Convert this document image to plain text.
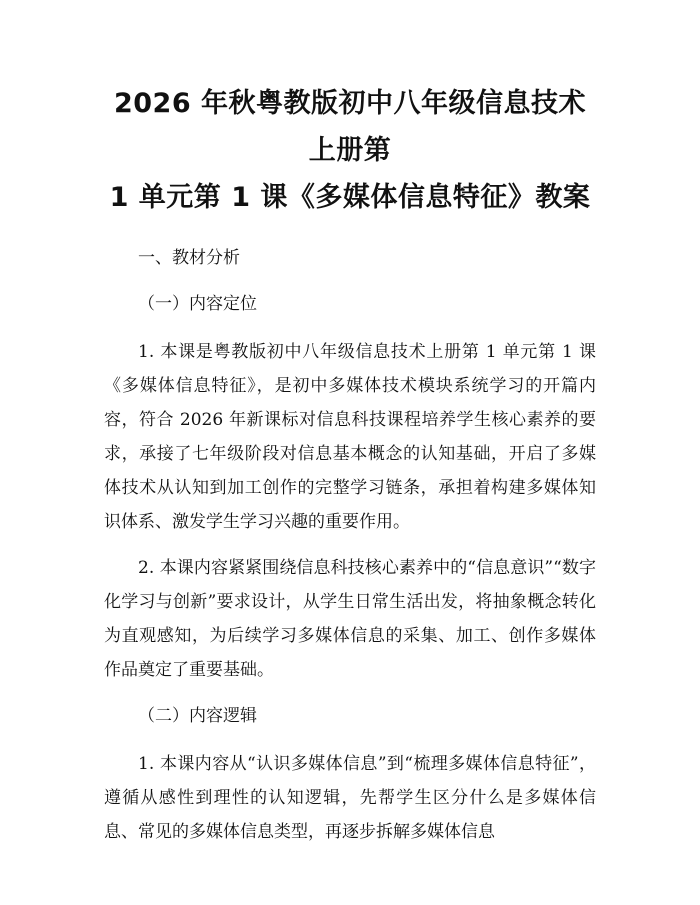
2026 年秋粤教版初中八年级信息技术上册第
1 单元第 1 课《多媒体信息特征》教案

一、教材分析

（一）内容定位

1. 本课是粤教版初中八年级信息技术上册第 1 单元第 1 课《多媒体信息特征》，是初中多媒体技术模块系统学习的开篇内容，符合 2026 年新课标对信息科技课程培养学生核心素养的要求，承接了七年级阶段对信息基本概念的认知基础，开启了多媒体技术从认知到加工创作的完整学习链条，承担着构建多媒体知识体系、激发学生学习兴趣的重要作用。

2. 本课内容紧紧围绕信息科技核心素养中的“信息意识”“数字化学习与创新”要求设计，从学生日常生活出发，将抽象概念转化为直观感知，为后续学习多媒体信息的采集、加工、创作多媒体作品奠定了重要基础。

（二）内容逻辑

1. 本课内容从“认识多媒体信息”到“梳理多媒体信息特征”，遵循从感性到理性的认知逻辑，先帮学生区分什么是多媒体信息、常见的多媒体信息类型，再逐步拆解多媒体信息
